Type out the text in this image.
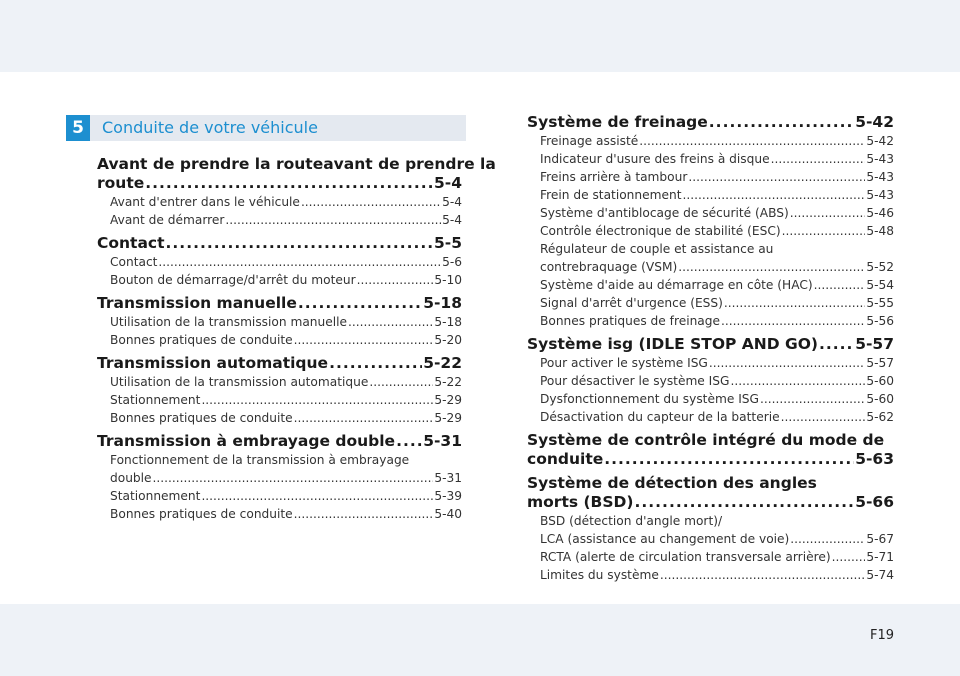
5	Conduite de votre véhicule
Avant de prendre la routeavant de prendre la
route .....	5-4
Avant d'entrer dans le véhicule .....	5-4
Avant de démarrer .....	5-4
Contact .....	5-5
Contact .....	5-6
Bouton de démarrage/d'arrêt du moteur .....	5-10
Transmission manuelle .....	5-18
Utilisation de la transmission manuelle .....	5-18
Bonnes pratiques de conduite .....	5-20
Transmission automatique .....	5-22
Utilisation de la transmission automatique .....	5-22
Stationnement .....	5-29
Bonnes pratiques de conduite .....	5-29
Transmission à embrayage double ..... 5-31
Fonctionnement de la transmission à embrayage
double .....	5-31
Stationnement .....	5-39
Bonnes pratiques de conduite .....	5-40
Système de freinage .....	5-42
Freinage assisté .....	5-42
Indicateur d'usure des freins à disque .....	5-43
Freins arrière à tambour .....	5-43
Frein de stationnement .....	5-43
Système d'antiblocage de sécurité (ABS) .....	5-46
Contrôle électronique de stabilité (ESC) .....	5-48
Régulateur de couple et assistance au
contrebraquage (VSM) .....	5-52
Système d'aide au démarrage en côte (HAC) .....	5-54
Signal d'arrêt d'urgence (ESS) .....	5-55
Bonnes pratiques de freinage .....	5-56
Système isg (IDLE STOP AND GO) ..... 5-57
Pour activer le système ISG .....	5-57
Pour désactiver le système ISG .....	5-60
Dysfonctionnement du système ISG .....	5-60
Désactivation du capteur de la batterie .....	5-62
Système de contrôle intégré du mode de
conduite .....	5-63
Système de détection des angles
morts (BSD) .....	5-66
BSD (détection d'angle mort)/
LCA (assistance au changement de voie) .....	5-67
RCTA (alerte de circulation transversale arrière) .....	5-71
Limites du système .....	5-74
F19
